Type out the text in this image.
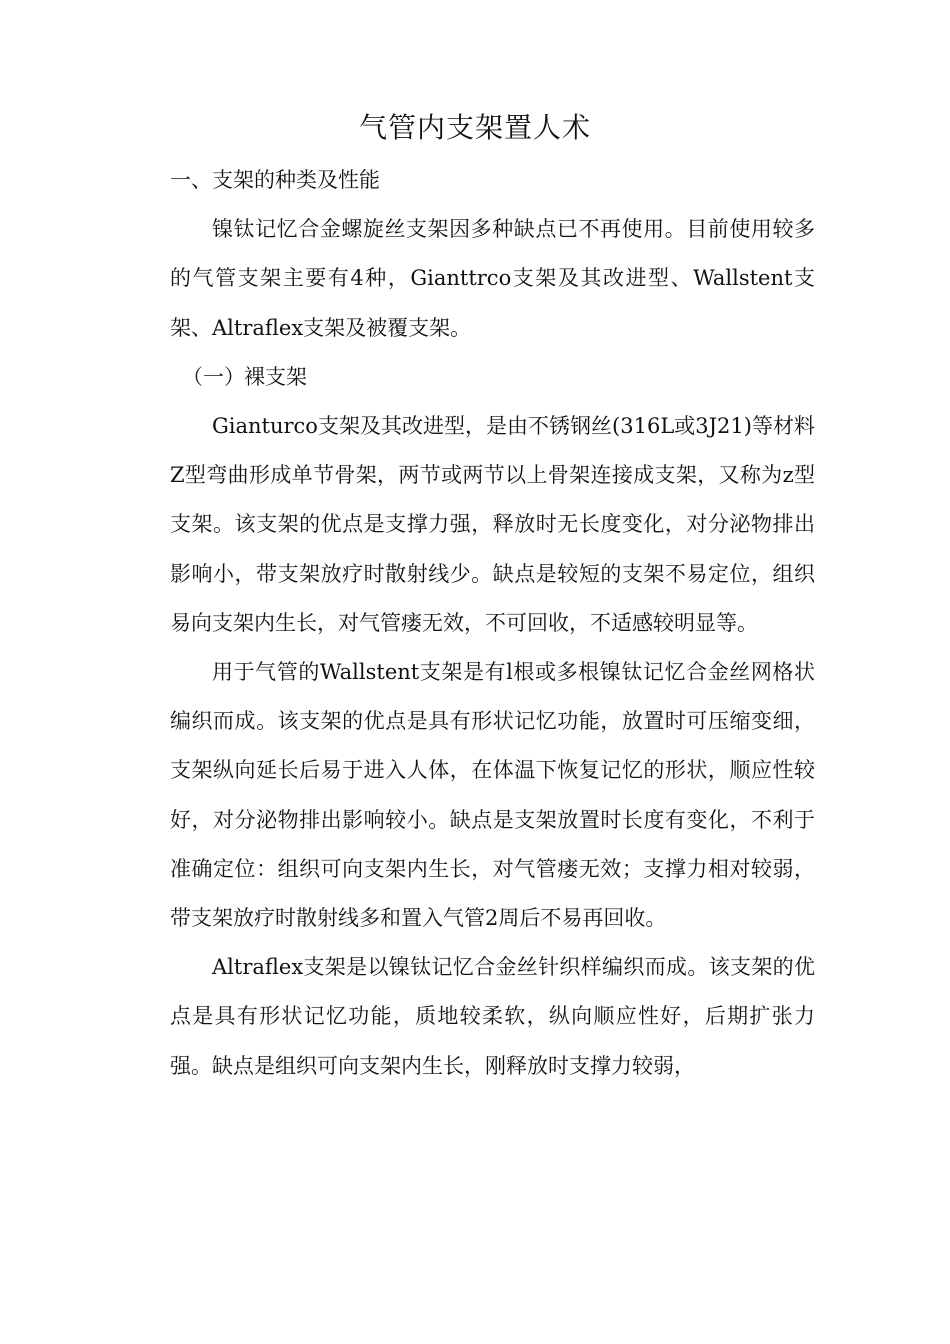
气管内支架置人术

一、支架的种类及性能

镍钛记忆合金螺旋丝支架因多种缺点已不再使用。目前使用较多的气管支架主要有4种，Gianttrco支架及其改进型、Wallstent支架、Altraflex支架及被覆支架。

（一）裸支架

Gianturco支架及其改进型，是由不锈钢丝(316L或3J21)等材料Z型弯曲形成单节骨架，两节或两节以上骨架连接成支架，又称为z型支架。该支架的优点是支撑力强，释放时无长度变化，对分泌物排出影响小，带支架放疗时散射线少。缺点是较短的支架不易定位，组织易向支架内生长，对气管瘘无效，不可回收，不适感较明显等。

用于气管的Wallstent支架是有l根或多根镍钛记忆合金丝网格状编织而成。该支架的优点是具有形状记忆功能，放置时可压缩变细，支架纵向延长后易于进入人体，在体温下恢复记忆的形状，顺应性较好，对分泌物排出影响较小。缺点是支架放置时长度有变化，不利于准确定位：组织可向支架内生长，对气管瘘无效；支撑力相对较弱，带支架放疗时散射线多和置入气管2周后不易再回收。

Altraflex支架是以镍钛记忆合金丝针织样编织而成。该支架的优点是具有形状记忆功能，质地较柔软，纵向顺应性好，后期扩张力强。缺点是组织可向支架内生长，刚释放时支撑力较弱，
